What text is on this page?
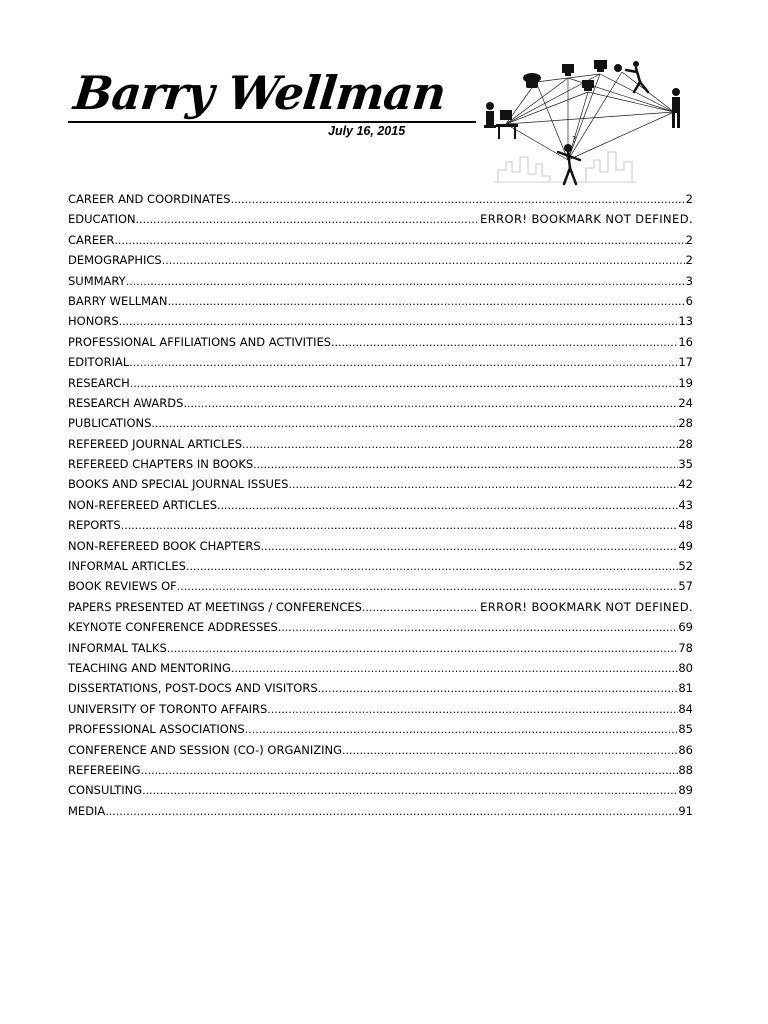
Barry Wellman
July 16, 2015
?
CAREER AND COORDINATES .....	2
EDUCATION .....	ERROR! BOOKMARK NOT DEFINED.
CAREER .....	2
DEMOGRAPHICS .....	2
SUMMARY .....	3
BARRY WELLMAN .....	6
HONORS .....	13
PROFESSIONAL AFFILIATIONS AND ACTIVITIES .....	16
EDITORIAL .....	17
RESEARCH .....	19
RESEARCH AWARDS .....	24
PUBLICATIONS .....	28
REFEREED JOURNAL ARTICLES .....	28
REFEREED CHAPTERS IN BOOKS .....	35
BOOKS AND SPECIAL JOURNAL ISSUES .....	42
NON-REFEREED ARTICLES .....	43
REPORTS .....	48
NON-REFEREED BOOK CHAPTERS .....	49
INFORMAL ARTICLES .....	52
BOOK REVIEWS OF .....	57
PAPERS PRESENTED AT MEETINGS / CONFERENCES .....	ERROR! BOOKMARK NOT DEFINED.
KEYNOTE CONFERENCE ADDRESSES .....	69
INFORMAL TALKS .....	78
TEACHING AND MENTORING .....	80
DISSERTATIONS, POST-DOCS AND VISITORS .....	81
UNIVERSITY OF TORONTO AFFAIRS .....	84
PROFESSIONAL ASSOCIATIONS .....	85
CONFERENCE AND SESSION (CO-) ORGANIZING .....	86
REFEREEING .....	88
CONSULTING .....	89
MEDIA .....	91
